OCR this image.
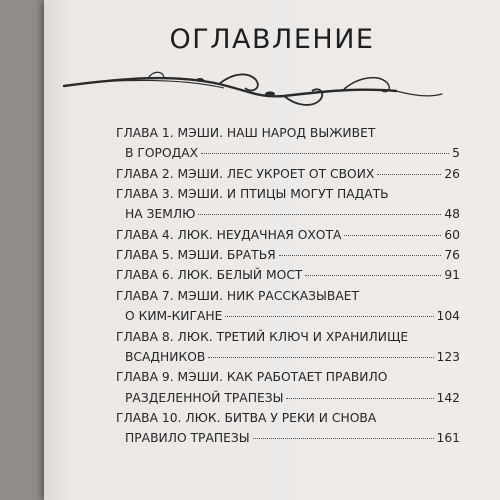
ОГЛАВЛЕНИЕ
ГЛАВА 1. МЭШИ. НАШ НАРОД ВЫЖИВЕТ
В ГОРОДАХ	5
ГЛАВА 2. МЭШИ. ЛЕС УКРОЕТ ОТ СВОИХ	26
ГЛАВА 3. МЭШИ. И ПТИЦЫ МОГУТ ПАДАТЬ
НА ЗЕМЛЮ	48
ГЛАВА 4. ЛЮК. НЕУДАЧНАЯ ОХОТА	60
ГЛАВА 5. МЭШИ. БРАТЬЯ	76
ГЛАВА 6. ЛЮК. БЕЛЫЙ МОСТ	91
ГЛАВА 7. МЭШИ. НИК РАССКАЗЫВАЕТ
О КИМ-КИГАНЕ	104
ГЛАВА 8. ЛЮК. ТРЕТИЙ КЛЮЧ И ХРАНИЛИЩЕ
ВСАДНИКОВ	123
ГЛАВА 9. МЭШИ. КАК РАБОТАЕТ ПРАВИЛО
РАЗДЕЛЕННОЙ ТРАПЕЗЫ	142
ГЛАВА 10. ЛЮК. БИТВА У РЕКИ И СНОВА
ПРАВИЛО ТРАПЕЗЫ	161
